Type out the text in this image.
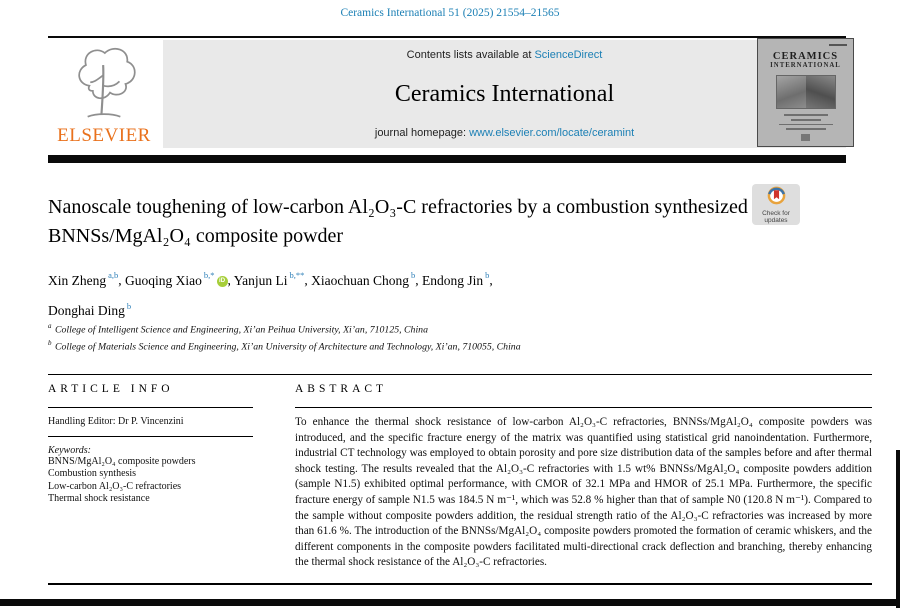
Ceramics International 51 (2025) 21554–21565
ELSEVIER
Contents lists available at ScienceDirect
Ceramics International
journal homepage: www.elsevier.com/locate/ceramint
CERAMICS
INTERNATIONAL
Nanoscale toughening of low-carbon Al₂O₃-C refractories by a combustion synthesized BNNSs/MgAl₂O₄ composite powder
Check for
updates
Xin Zheng $^{a,b}$, Guoqing Xiao $^{b,*}$iD , Yanjun Li $^{b,**}$, Xiaochuan Chong $^b$, Endong Jin $^b$,
Donghai Ding $^b$
$^a$ College of Intelligent Science and Engineering, Xi’an Peihua University, Xi’an, 710125, China
$^b$ College of Materials Science and Engineering, Xi’an University of Architecture and Technology, Xi’an, 710055, China
ARTICLE INFO
Handling Editor: Dr P. Vincenzini
Keywords:
BNNS/MgAl₂O₄ composite powders
Combustion synthesis
Low-carbon Al₂O₃-C refractories
Thermal shock resistance
ABSTRACT
To enhance the thermal shock resistance of low-carbon Al₂O₃-C refractories, BNNSs/MgAl₂O₄ composite powders was introduced, and the specific fracture energy of the matrix was quantified using statistical grid nanoindentation. Furthermore, industrial CT technology was employed to obtain porosity and pore size distribution data of the samples before and after thermal shock testing. The results revealed that the Al₂O₃-C refractories with 1.5 wt% BNNSs/MgAl₂O₄ composite powders addition (sample N1.5) exhibited optimal performance, with CMOR of 32.1 MPa and HMOR of 25.1 MPa. Furthermore, the specific fracture energy of sample N1.5 was 184.5 N m⁻¹, which was 52.8 % higher than that of sample N0 (120.8 N m⁻¹). Compared to the sample without composite powders addition, the residual strength ratio of the Al₂O₃-C refractories was increased by more than 61.6 %. The introduction of the BNNSs/MgAl₂O₄ composite powders promoted the formation of ceramic whiskers, and the different components in the composite powders facilitated multi-directional crack deflection and branching, thereby enhancing the thermal shock resistance of the Al₂O₃-C refractories.
